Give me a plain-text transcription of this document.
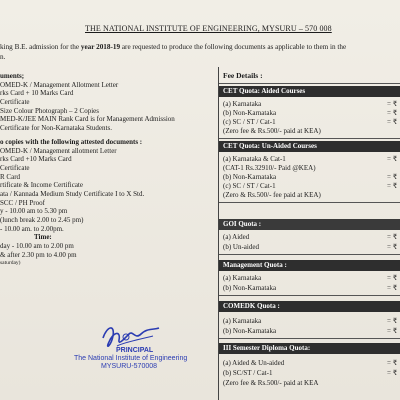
THE NATIONAL INSTITUTE OF ENGINEERING, MYSURU – 570 008
king B.E. admission for the year 2018-19 are requested to produce the following documents as applicable to them in the
n.
uments;
OMED-K / Management Allotment Letter
rks Card + 10 Marks Card
Certificate
Size Colour Photograph – 2 Copies
MED-K/JEE MAIN Rank Card is for Management Admission
Certificate for Non-Karnataka Students.
o copies with the following attested documents :
OMED-K / Management allotment Letter
rks Card +10 Marks Card
Certificate
R Card
rtificate & Income Certificate
ata / Kannada Medium Study Certificate I to X Std.
SCC / PH Proof
y - 10.00 am to 5.30 pm
(lunch break 2.00 to 2.45 pm)
- 10.00 am. to 2.00pm.
Time:
day - 10.00 am to 2.00 pm
& after 2.30 pm to 4.00 pm
saturday)
PRINCIPAL
The National Institute of Engineering
MYSURU-570008
Fee Details :
CET Quota: Aided Courses
(a) Karnataka	= ₹
(b) Non-Karnataka	= ₹
(c) SC / ST / Cat-1	= ₹
(Zero fee & Rs.500/- paid at KEA)
CET Quota: Un-Aided Courses
(a) Karnataka & Cat-1	= ₹
(CAT-1 Rs.32910/- Paid @KEA)
(b) Non-Karnataka	= ₹
(c) SC / ST / Cat-1	= ₹
(Zero & Rs.500/- fee paid at KEA)
GOI Quota :
(a) Aided	= ₹
(b) Un-aided	= ₹
Management Quota :
(a) Karnataka	= ₹
(b) Non-Karnataka	= ₹
COMEDK Quota :
(a) Karnataka	= ₹
(b) Non-Karnataka	= ₹
III Semester Diploma Quota:
(a) Aided & Un-aided	= ₹
(b) SC/ST / Cat-1	= ₹
(Zero fee & Rs.500/- paid at KEA
